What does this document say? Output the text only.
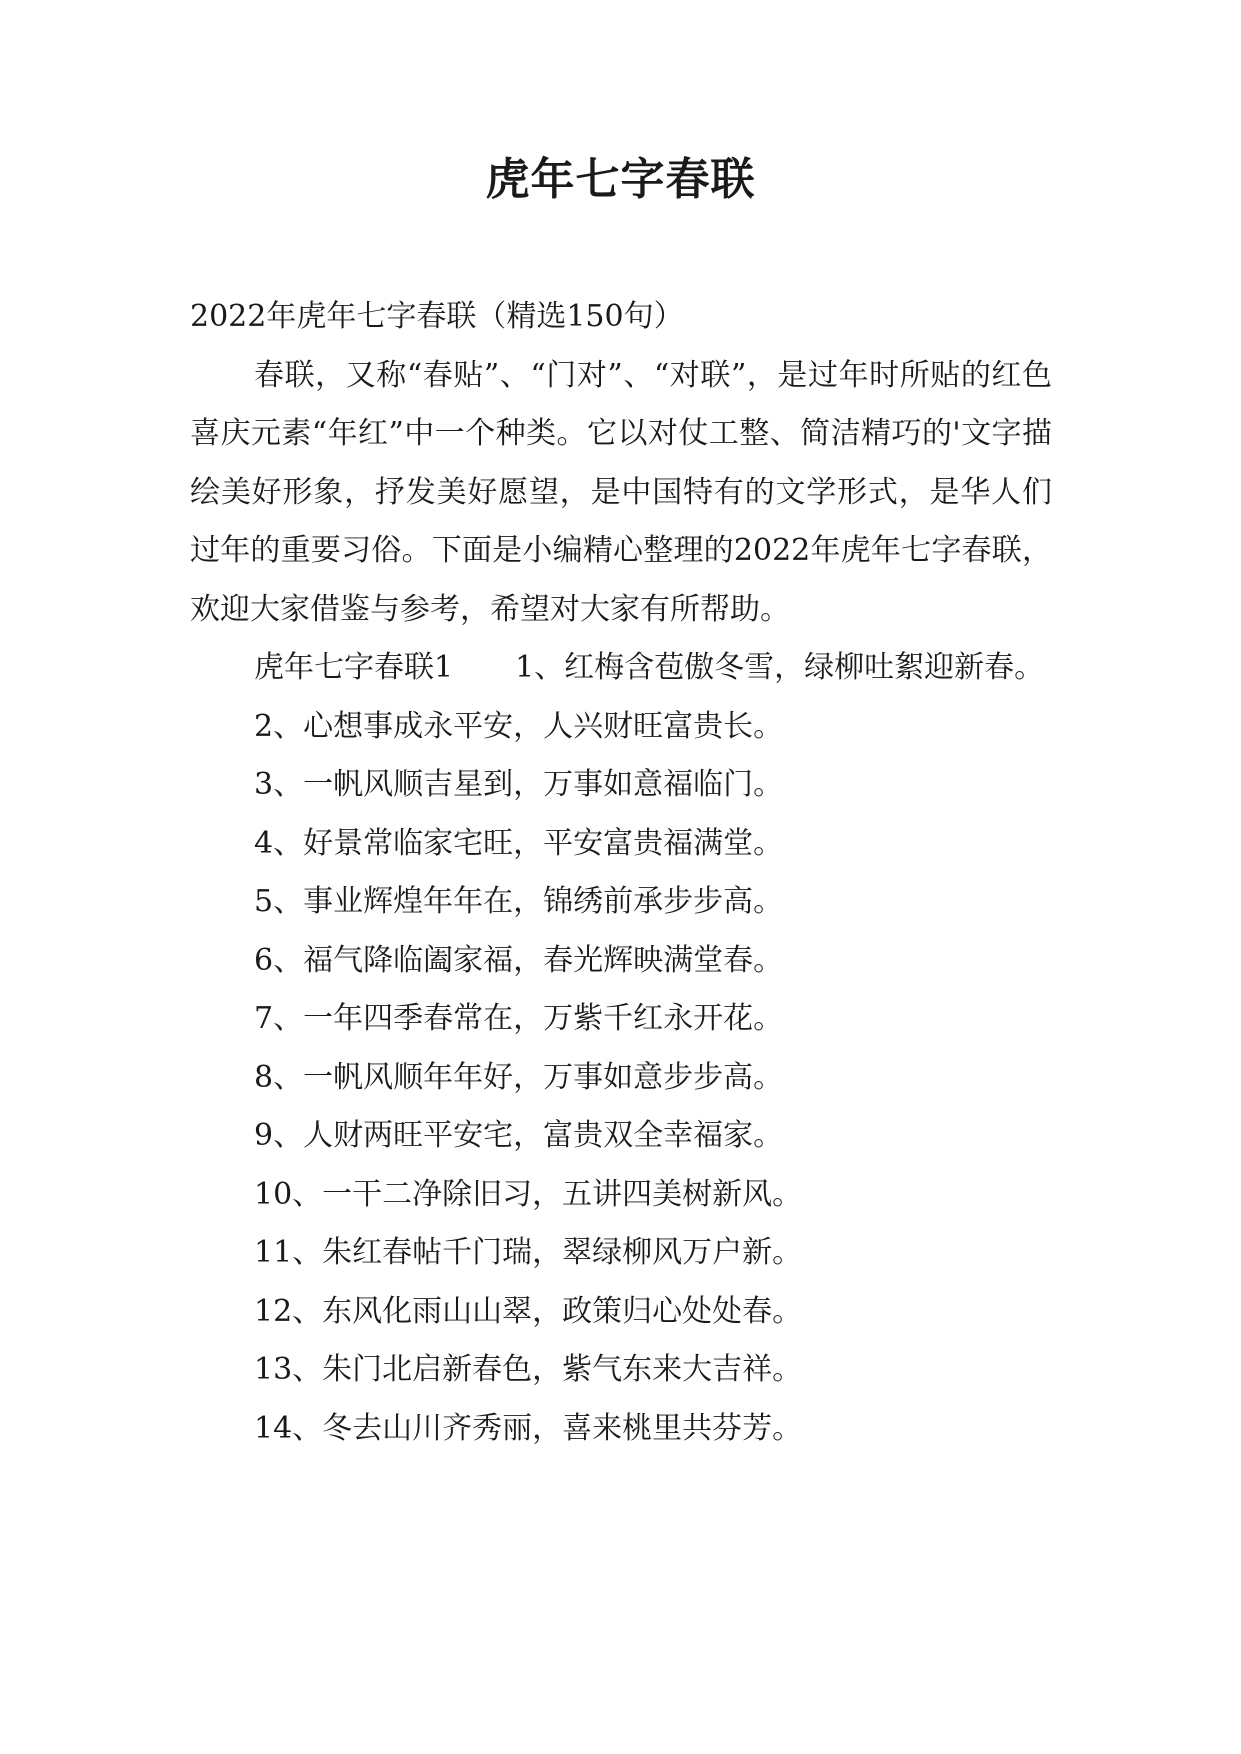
虎年七字春联

2022年虎年七字春联（精选150句）

春联，又称“春贴”、“门对”、“对联”，是过年时所贴的红色喜庆元素“年红”中一个种类。它以对仗工整、简洁精巧的'文字描绘美好形象，抒发美好愿望，是中国特有的文学形式，是华人们过年的重要习俗。下面是小编精心整理的2022年虎年七字春联，欢迎大家借鉴与参考，希望对大家有所帮助。

虎年七字春联1 1、红梅含苞傲冬雪，绿柳吐絮迎新春。

2、心想事成永平安，人兴财旺富贵长。

3、一帆风顺吉星到，万事如意福临门。

4、好景常临家宅旺，平安富贵福满堂。

5、事业辉煌年年在，锦绣前承步步高。

6、福气降临阖家福，春光辉映满堂春。

7、一年四季春常在，万紫千红永开花。

8、一帆风顺年年好，万事如意步步高。

9、人财两旺平安宅，富贵双全幸福家。

10、一干二净除旧习，五讲四美树新风。

11、朱红春帖千门瑞，翠绿柳风万户新。

12、东风化雨山山翠，政策归心处处春。

13、朱门北启新春色，紫气东来大吉祥。

14、冬去山川齐秀丽，喜来桃里共芬芳。
